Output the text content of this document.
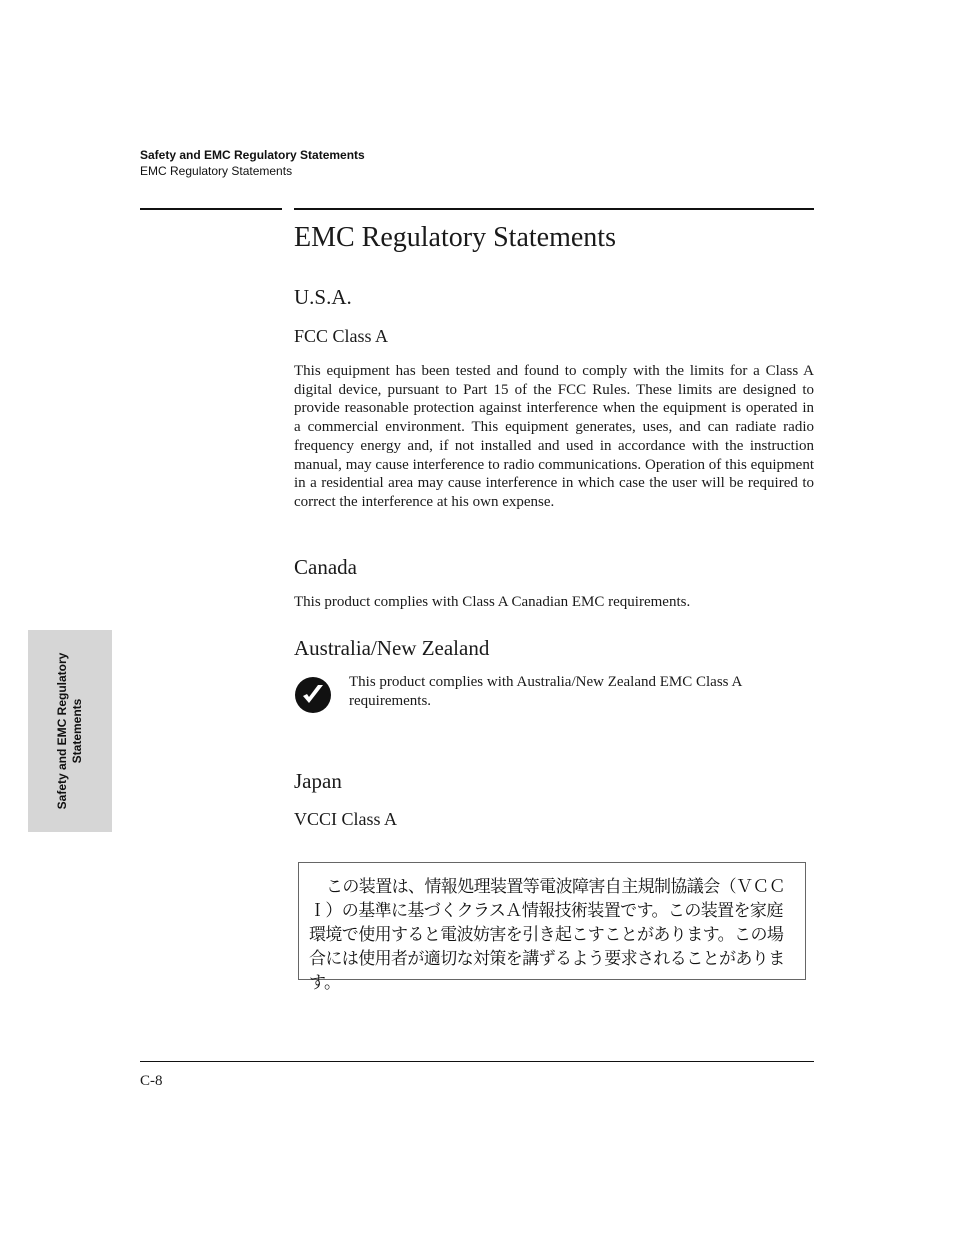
Safety and EMC Regulatory Statements
EMC Regulatory Statements
EMC Regulatory Statements
U.S.A.
FCC Class A

This equipment has been tested and found to comply with the limits for a Class A digital device, pursuant to Part 15 of the FCC Rules. These limits are designed to provide reasonable protection against interference when the equipment is operated in a commercial environment. This equipment generates, uses, and can radiate radio frequency energy and, if not installed and used in accordance with the instruction manual, may cause interference to radio communications. Operation of this equipment in a residential area may cause interference in which case the user will be required to correct the interference at his own expense.

Canada

This product complies with Class A Canadian EMC requirements.

Australia/New Zealand

This product complies with Australia/New Zealand EMC Class A requirements.

Japan
VCCI Class A

この装置は、情報処理装置等電波障害自主規制協議会（ＶＣＣＩ）の基準に基づくクラスＡ情報技術装置です。この装置を家庭環境で使用すると電波妨害を引き起こすことがあります。この場合には使用者が適切な対策を講ずるよう要求されることがあります。

Safety and EMC Regulatory Statements
C-8
